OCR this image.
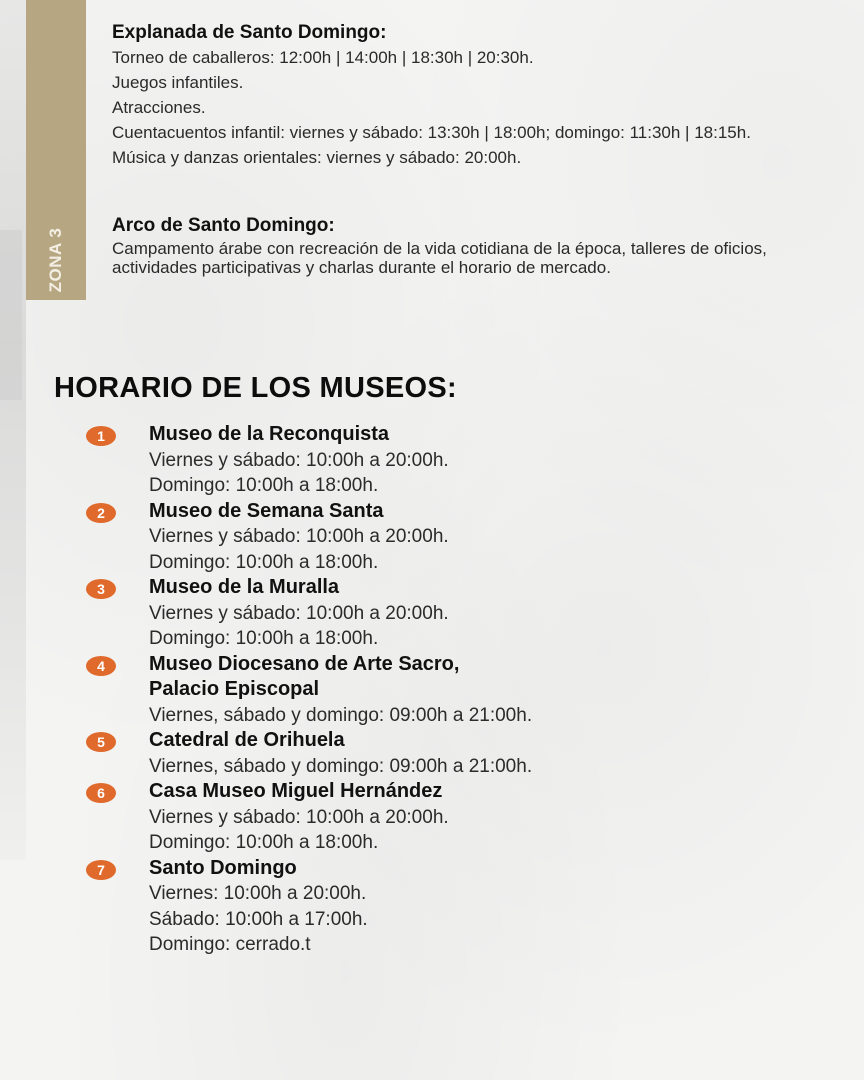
ZONA 3
Explanada de Santo Domingo:
Torneo de caballeros: 12:00h | 14:00h | 18:30h | 20:30h.
Juegos infantiles.
Atracciones.
Cuentacuentos infantil: viernes y sábado: 13:30h | 18:00h; domingo: 11:30h | 18:15h.
Música y danzas orientales: viernes y sábado: 20:00h.
Arco de Santo Domingo:

Campamento árabe con recreación de la vida cotidiana de la época, talleres de oficios, actividades participativas y charlas durante el horario de mercado.

HORARIO DE LOS MUSEOS:
1	Museo de la Reconquista

Viernes y sábado: 10:00h a 20:00h.

Domingo: 10:00h a 18:00h.

2	Museo de Semana Santa

Viernes y sábado: 10:00h a 20:00h.

Domingo: 10:00h a 18:00h.

3	Museo de la Muralla

Viernes y sábado: 10:00h a 20:00h.

Domingo: 10:00h a 18:00h.

4	Museo Diocesano de Arte Sacro,

Palacio Episcopal

Viernes, sábado y domingo: 09:00h a 21:00h.

5	Catedral de Orihuela

Viernes, sábado y domingo: 09:00h a 21:00h.

6	Casa Museo Miguel Hernández

Viernes y sábado: 10:00h a 20:00h.

Domingo: 10:00h a 18:00h.

7	Santo Domingo

Viernes: 10:00h a 20:00h.

Sábado: 10:00h a 17:00h.

Domingo: cerrado.t
